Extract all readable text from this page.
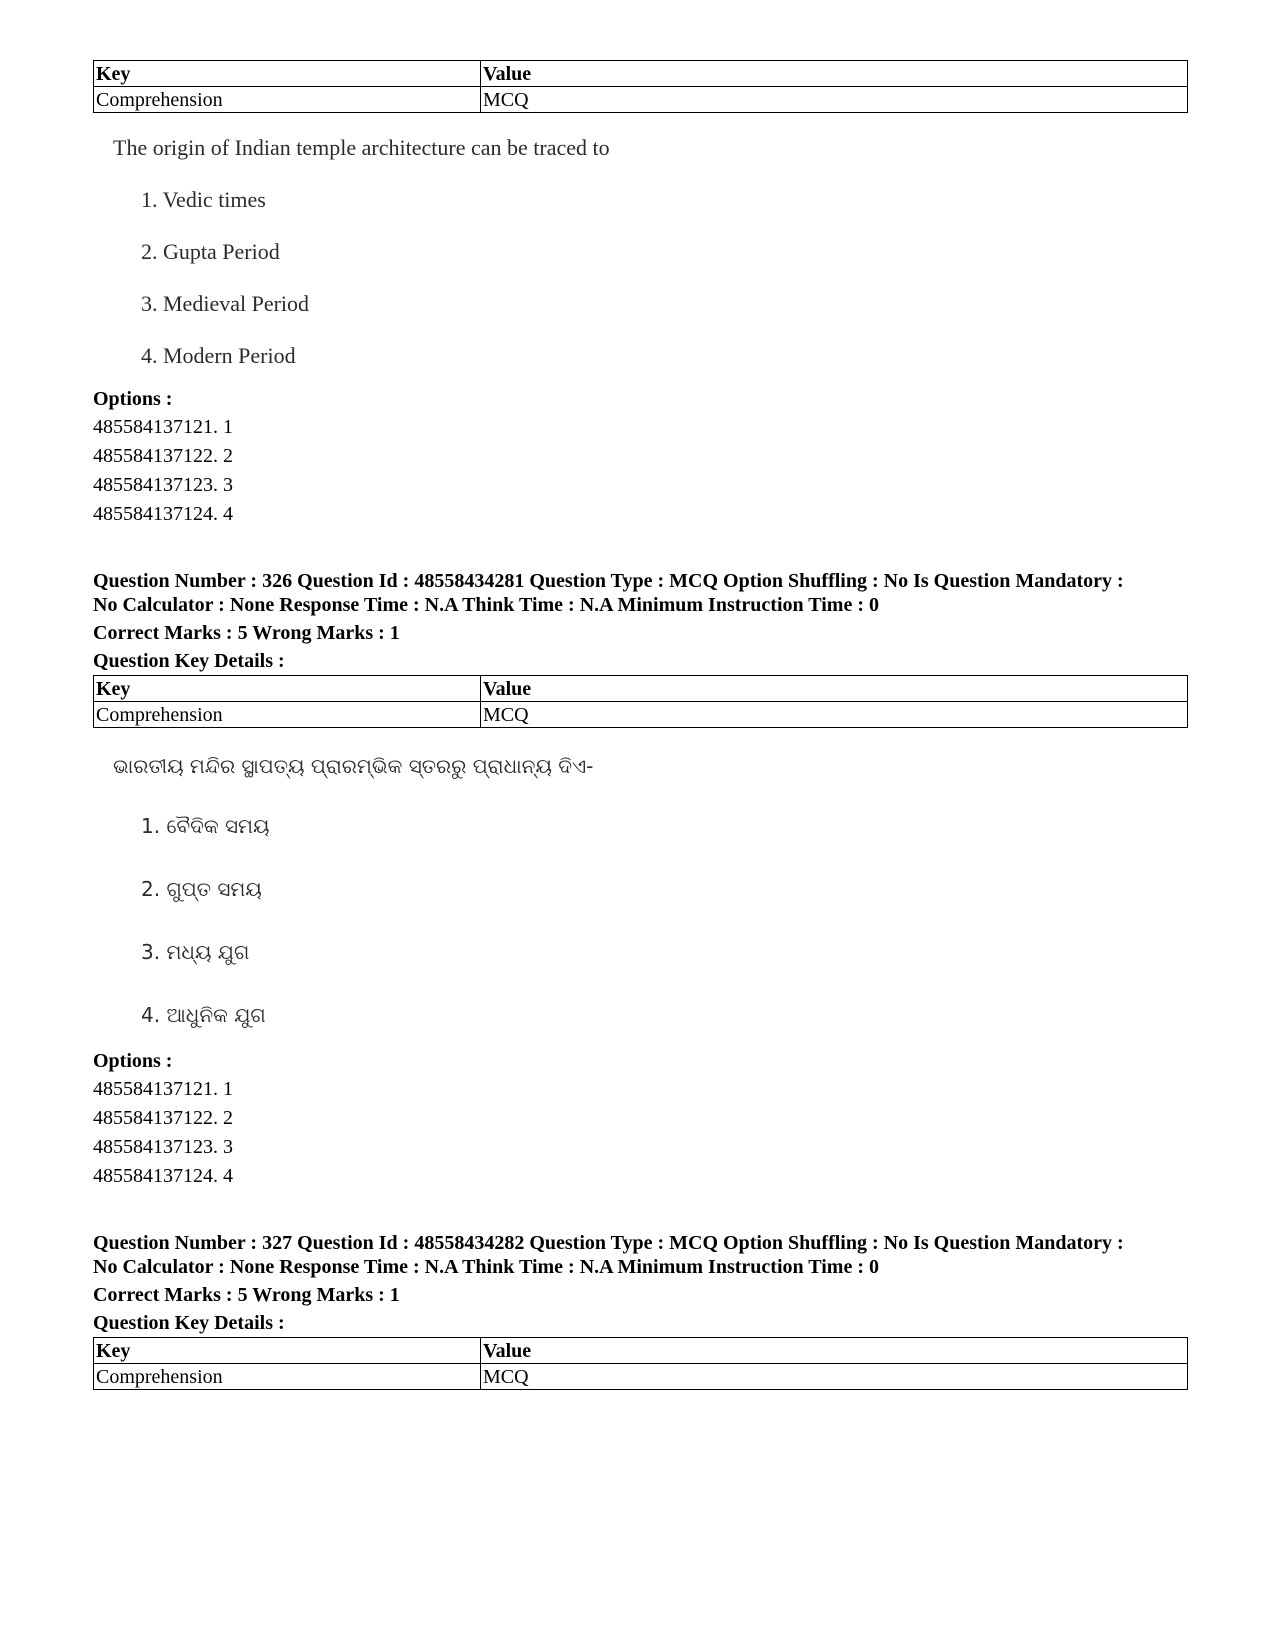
Key	Value
Comprehension	MCQ
The origin of Indian temple architecture can be traced to
1. Vedic times
2. Gupta Period
3. Medieval Period
4. Modern Period
Options :
485584137121. 1
485584137122. 2
485584137123. 3
485584137124. 4
Question Number : 326 Question Id : 48558434281 Question Type : MCQ Option Shuffling : No Is Question Mandatory :
No Calculator : None Response Time : N.A Think Time : N.A Minimum Instruction Time : 0
Correct Marks : 5 Wrong Marks : 1
Question Key Details :
Key	Value
Comprehension	MCQ
ଭାରତୀୟ ମନ୍ଦିର ସ୍ଥାପତ୍ୟ ପ୍ରାରମ୍ଭିକ ସ୍ତରରୁ ପ୍ରାଧାନ୍ୟ ଦିଏ-
1. ବୈଦିକ ସମୟ
2. ଗୁପ୍ତ ସମୟ
3. ମଧ୍ୟ ଯୁଗ
4. ଆଧୁନିକ ଯୁଗ
Options :
485584137121. 1
485584137122. 2
485584137123. 3
485584137124. 4
Question Number : 327 Question Id : 48558434282 Question Type : MCQ Option Shuffling : No Is Question Mandatory :
No Calculator : None Response Time : N.A Think Time : N.A Minimum Instruction Time : 0
Correct Marks : 5 Wrong Marks : 1
Question Key Details :
Key	Value
Comprehension	MCQ
